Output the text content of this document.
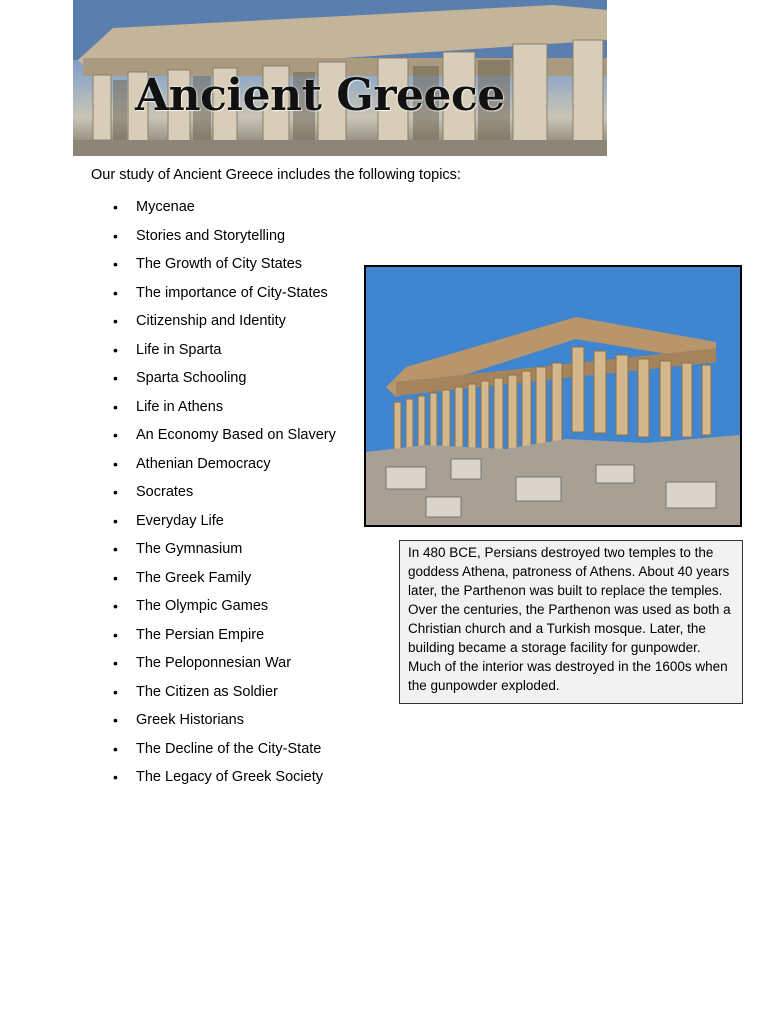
Ancient Greece
Our study of Ancient Greece includes the following topics:
• Mycenae
• Stories and Storytelling
• The Growth of City States
• The importance of City-States
• Citizenship and Identity
• Life in Sparta
• Sparta Schooling
• Life in Athens
• An Economy Based on Slavery
• Athenian Democracy
• Socrates
• Everyday Life
• The Gymnasium
• The Greek Family
• The Olympic Games
• The Persian Empire
• The Peloponnesian War
• The Citizen as Soldier
• Greek Historians
• The Decline of the City-State
• The Legacy of Greek Society
In 480 BCE, Persians destroyed two temples to the goddess Athena, patroness of Athens. About 40 years later, the Parthenon was built to replace the temples. Over the centuries, the Parthenon was used as both a Christian church and a Turkish mosque. Later, the building became a storage facility for gunpowder. Much of the interior was destroyed in the 1600s when the gunpowder exploded.
